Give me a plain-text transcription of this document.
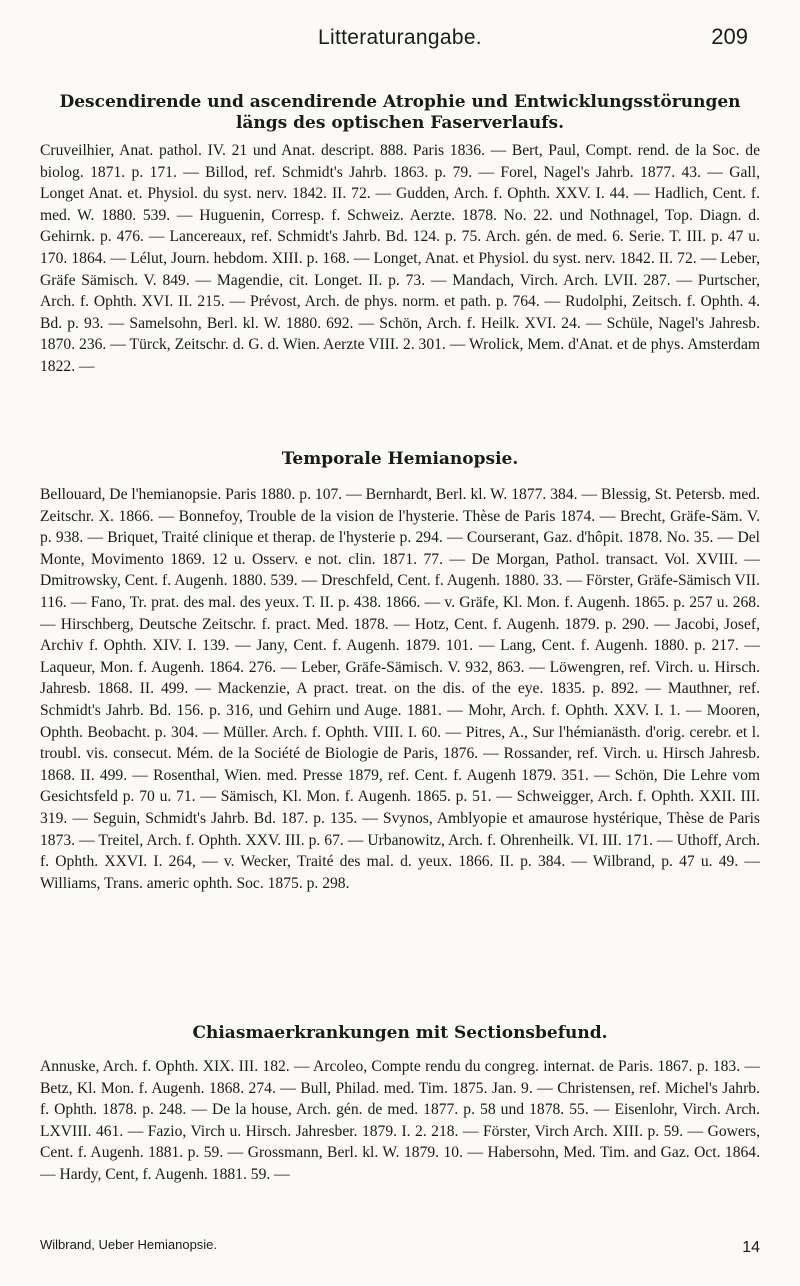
Litteraturangabe.	209
Descendirende und ascendirende Atrophie und Entwicklungsstörungen längs des optischen Faserverlaufs.

Cruveilhier, Anat. pathol. IV. 21 und Anat. descript. 888. Paris 1836. — Bert, Paul, Compt. rend. de la Soc. de biolog. 1871. p. 171. — Billod, ref. Schmidt's Jahrb. 1863. p. 79. — Forel, Nagel's Jahrb. 1877. 43. — Gall, Longet Anat. et. Physiol. du syst. nerv. 1842. II. 72. — Gudden, Arch. f. Ophth. XXV. I. 44. — Hadlich, Cent. f. med. W. 1880. 539. — Huguenin, Corresp. f. Schweiz. Aerzte. 1878. No. 22. und Nothnagel, Top. Diagn. d. Gehirnk. p. 476. — Lancereaux, ref. Schmidt's Jahrb. Bd. 124. p. 75. Arch. gén. de med. 6. Serie. T. III. p. 47 u. 170. 1864. — Lélut, Journ. hebdom. XIII. p. 168. — Longet, Anat. et Physiol. du syst. nerv. 1842. II. 72. — Leber, Gräfe Sämisch. V. 849. — Magendie, cit. Longet. II. p. 73. — Mandach, Virch. Arch. LVII. 287. — Purtscher, Arch. f. Ophth. XVI. II. 215. — Prévost, Arch. de phys. norm. et path. p. 764. — Rudolphi, Zeitsch. f. Ophth. 4. Bd. p. 93. — Samelsohn, Berl. kl. W. 1880. 692. — Schön, Arch. f. Heilk. XVI. 24. — Schüle, Nagel's Jahresb. 1870. 236. — Türck, Zeitschr. d. G. d. Wien. Aerzte VIII. 2. 301. — Wrolick, Mem. d'Anat. et de phys. Amsterdam 1822. —

Temporale Hemianopsie.

Bellouard, De l'hemianopsie. Paris 1880. p. 107. — Bernhardt, Berl. kl. W. 1877. 384. — Blessig, St. Petersb. med. Zeitschr. X. 1866. — Bonnefoy, Trouble de la vision de l'hysterie. Thèse de Paris 1874. — Brecht, Gräfe-Säm. V. p. 938. — Briquet, Traité clinique et therap. de l'hysterie p. 294. — Courserant, Gaz. d'hôpit. 1878. No. 35. — Del Monte, Movimento 1869. 12 u. Osserv. e not. clin. 1871. 77. — De Morgan, Pathol. transact. Vol. XVIII. — Dmitrowsky, Cent. f. Augenh. 1880. 539. — Dreschfeld, Cent. f. Augenh. 1880. 33. — Förster, Gräfe-Sämisch VII. 116. — Fano, Tr. prat. des mal. des yeux. T. II. p. 438. 1866. — v. Gräfe, Kl. Mon. f. Augenh. 1865. p. 257 u. 268. — Hirschberg, Deutsche Zeitschr. f. pract. Med. 1878. — Hotz, Cent. f. Augenh. 1879. p. 290. — Jacobi, Josef, Archiv f. Ophth. XIV. I. 139. — Jany, Cent. f. Augenh. 1879. 101. — Lang, Cent. f. Augenh. 1880. p. 217. — Laqueur, Mon. f. Augenh. 1864. 276. — Leber, Gräfe-Sämisch. V. 932, 863. — Löwengren, ref. Virch. u. Hirsch. Jahresb. 1868. II. 499. — Mackenzie, A pract. treat. on the dis. of the eye. 1835. p. 892. — Mauthner, ref. Schmidt's Jahrb. Bd. 156. p. 316, und Gehirn und Auge. 1881. — Mohr, Arch. f. Ophth. XXV. I. 1. — Mooren, Ophth. Beobacht. p. 304. — Müller. Arch. f. Ophth. VIII. I. 60. — Pitres, A., Sur l'hémianästh. d'orig. cerebr. et l. troubl. vis. consecut. Mém. de la Société de Biologie de Paris, 1876. — Rossander, ref. Virch. u. Hirsch Jahresb. 1868. II. 499. — Rosenthal, Wien. med. Presse 1879, ref. Cent. f. Augenh 1879. 351. — Schön, Die Lehre vom Gesichtsfeld p. 70 u. 71. — Sämisch, Kl. Mon. f. Augenh. 1865. p. 51. — Schweigger, Arch. f. Ophth. XXII. III. 319. — Seguin, Schmidt's Jahrb. Bd. 187. p. 135. — Svynos, Amblyopie et amaurose hystérique, Thèse de Paris 1873. — Treitel, Arch. f. Ophth. XXV. III. p. 67. — Urbanowitz, Arch. f. Ohrenheilk. VI. III. 171. — Uthoff, Arch. f. Ophth. XXVI. I. 264, — v. Wecker, Traité des mal. d. yeux. 1866. II. p. 384. — Wilbrand, p. 47 u. 49. — Williams, Trans. americ ophth. Soc. 1875. p. 298.

Chiasmaerkrankungen mit Sectionsbefund.

Annuske, Arch. f. Ophth. XIX. III. 182. — Arcoleo, Compte rendu du congreg. internat. de Paris. 1867. p. 183. — Betz, Kl. Mon. f. Augenh. 1868. 274. — Bull, Philad. med. Tim. 1875. Jan. 9. — Christensen, ref. Michel's Jahrb. f. Ophth. 1878. p. 248. — De la house, Arch. gén. de med. 1877. p. 58 und 1878. 55. — Eisenlohr, Virch. Arch. LXVIII. 461. — Fazio, Virch u. Hirsch. Jahresber. 1879. I. 2. 218. — Förster, Virch Arch. XIII. p. 59. — Gowers, Cent. f. Augenh. 1881. p. 59. — Grossmann, Berl. kl. W. 1879. 10. — Habersohn, Med. Tim. and Gaz. Oct. 1864. — Hardy, Cent, f. Augenh. 1881. 59. —

Wilbrand, Ueber Hemianopsie.	14
